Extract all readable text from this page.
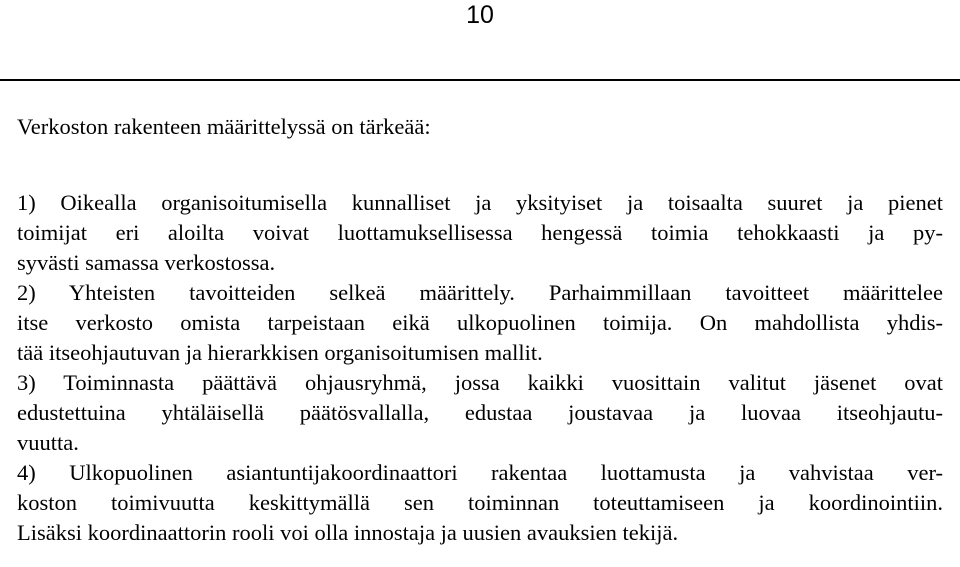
10
Verkoston rakenteen määrittelyssä on tärkeää:
1) Oikealla organisoitumisella kunnalliset ja yksityiset ja toisaalta suuret ja pienet
toimijat eri aloilta voivat luottamuksellisessa hengessä toimia tehokkaasti ja py-
syvästi samassa verkostossa.
2) Yhteisten tavoitteiden selkeä määrittely. Parhaimmillaan tavoitteet määrittelee
itse verkosto omista tarpeistaan eikä ulkopuolinen toimija. On mahdollista yhdis-
tää itseohjautuvan ja hierarkkisen organisoitumisen mallit.
3) Toiminnasta päättävä ohjausryhmä, jossa kaikki vuosittain valitut jäsenet ovat
edustettuina yhtäläisellä päätösvallalla, edustaa joustavaa ja luovaa itseohjautu-
vuutta.
4) Ulkopuolinen asiantuntijakoordinaattori rakentaa luottamusta ja vahvistaa ver-
koston toimivuutta keskittymällä sen toiminnan toteuttamiseen ja koordinointiin.
Lisäksi koordinaattorin rooli voi olla innostaja ja uusien avauksien tekijä.
